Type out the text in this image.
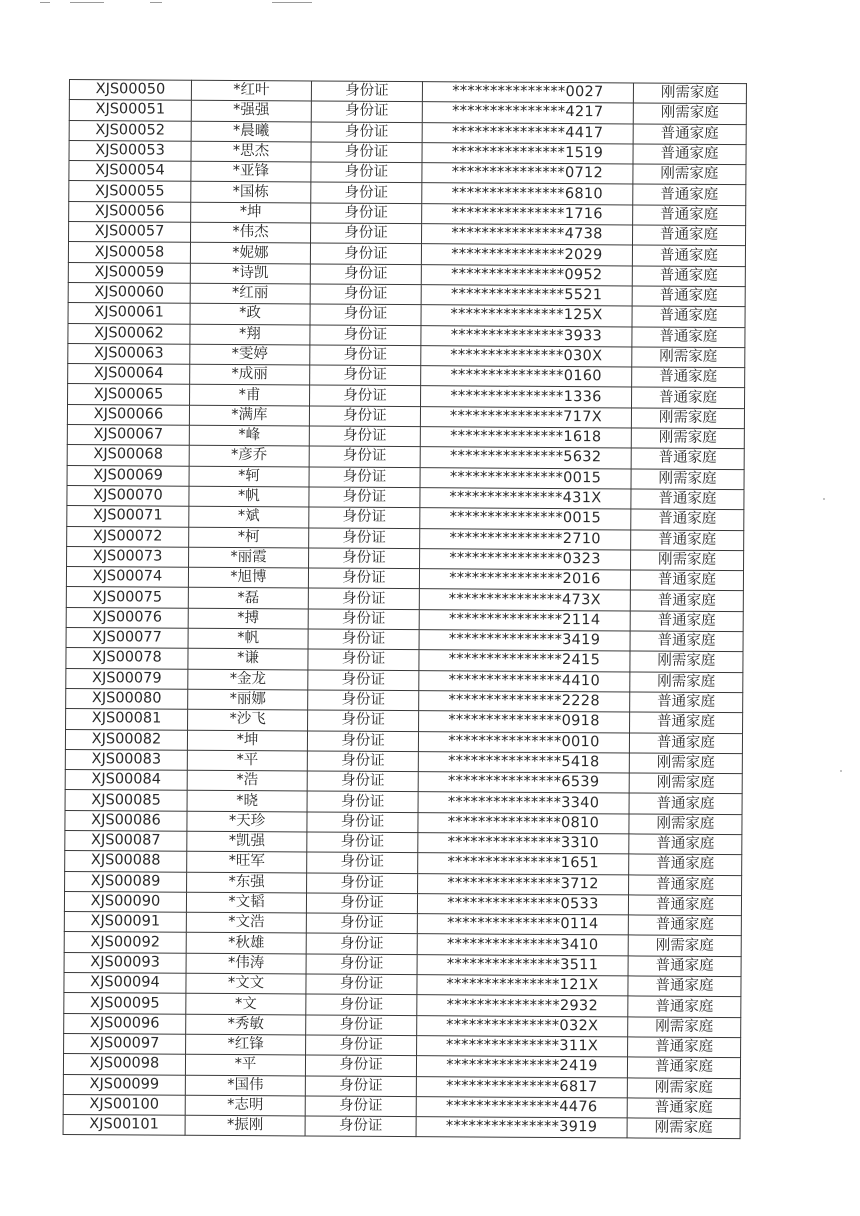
XJS00050	*红叶	身份证	***************0027	刚需家庭
XJS00051	*强强	身份证	***************4217	刚需家庭
XJS00052	*晨曦	身份证	***************4417	普通家庭
XJS00053	*思杰	身份证	***************1519	普通家庭
XJS00054	*亚锋	身份证	***************0712	刚需家庭
XJS00055	*国栋	身份证	***************6810	普通家庭
XJS00056	*坤	身份证	***************1716	普通家庭
XJS00057	*伟杰	身份证	***************4738	普通家庭
XJS00058	*妮娜	身份证	***************2029	普通家庭
XJS00059	*诗凯	身份证	***************0952	普通家庭
XJS00060	*红丽	身份证	***************5521	普通家庭
XJS00061	*政	身份证	***************125X	普通家庭
XJS00062	*翔	身份证	***************3933	普通家庭
XJS00063	*雯婷	身份证	***************030X	刚需家庭
XJS00064	*成丽	身份证	***************0160	普通家庭
XJS00065	*甫	身份证	***************1336	普通家庭
XJS00066	*满库	身份证	***************717X	刚需家庭
XJS00067	*峰	身份证	***************1618	刚需家庭
XJS00068	*彦乔	身份证	***************5632	普通家庭
XJS00069	*轲	身份证	***************0015	刚需家庭
XJS00070	*帆	身份证	***************431X	普通家庭
XJS00071	*斌	身份证	***************0015	普通家庭
XJS00072	*柯	身份证	***************2710	普通家庭
XJS00073	*丽霞	身份证	***************0323	刚需家庭
XJS00074	*旭博	身份证	***************2016	普通家庭
XJS00075	*磊	身份证	***************473X	普通家庭
XJS00076	*搏	身份证	***************2114	普通家庭
XJS00077	*帆	身份证	***************3419	普通家庭
XJS00078	*谦	身份证	***************2415	刚需家庭
XJS00079	*金龙	身份证	***************4410	刚需家庭
XJS00080	*丽娜	身份证	***************2228	普通家庭
XJS00081	*沙飞	身份证	***************0918	普通家庭
XJS00082	*坤	身份证	***************0010	普通家庭
XJS00083	*平	身份证	***************5418	刚需家庭
XJS00084	*浩	身份证	***************6539	刚需家庭
XJS00085	*晓	身份证	***************3340	普通家庭
XJS00086	*天珍	身份证	***************0810	刚需家庭
XJS00087	*凯强	身份证	***************3310	普通家庭
XJS00088	*旺军	身份证	***************1651	普通家庭
XJS00089	*东强	身份证	***************3712	普通家庭
XJS00090	*文韬	身份证	***************0533	普通家庭
XJS00091	*文浩	身份证	***************0114	普通家庭
XJS00092	*秋雄	身份证	***************3410	刚需家庭
XJS00093	*伟涛	身份证	***************3511	普通家庭
XJS00094	*文文	身份证	***************121X	普通家庭
XJS00095	*文	身份证	***************2932	普通家庭
XJS00096	*秀敏	身份证	***************032X	刚需家庭
XJS00097	*红锋	身份证	***************311X	普通家庭
XJS00098	*平	身份证	***************2419	普通家庭
XJS00099	*国伟	身份证	***************6817	刚需家庭
XJS00100	*志明	身份证	***************4476	普通家庭
XJS00101	*振刚	身份证	***************3919	刚需家庭
